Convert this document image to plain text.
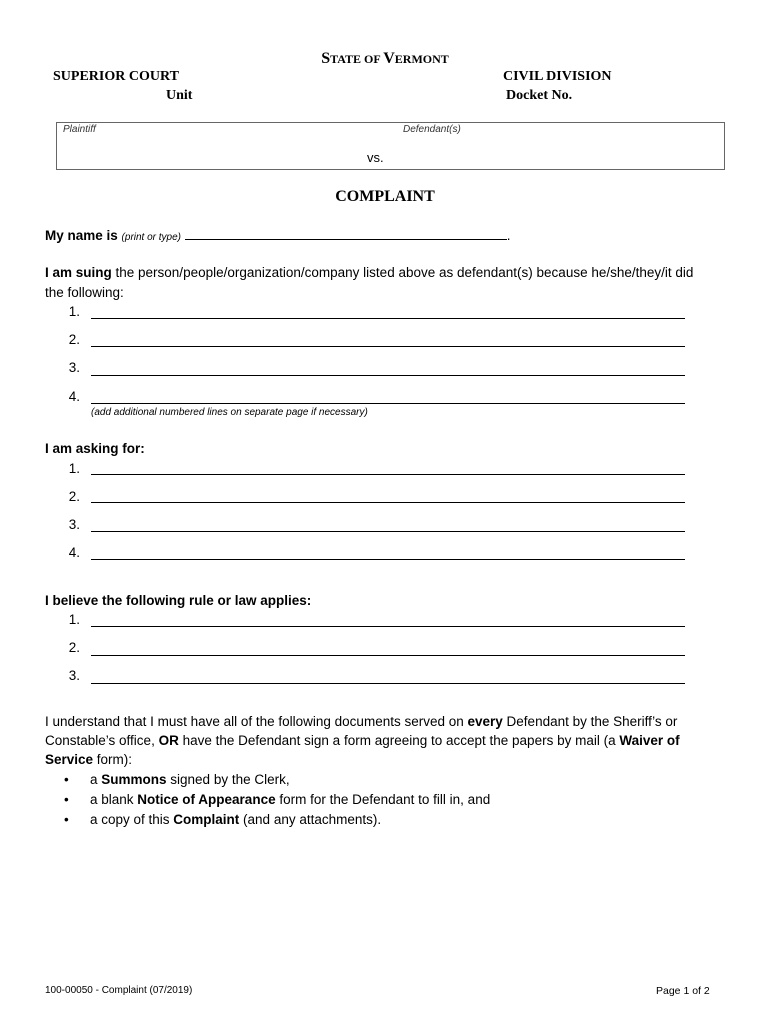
STATE OF VERMONT
SUPERIOR COURT
Unit
CIVIL DIVISION
Docket No.
Plaintiff	Defendant(s)
vs.
COMPLAINT
My name is (print or type)	.
I am suing the person/people/organization/company listed above as defendant(s) because he/she/they/it did
the following:
1.
2.
3.
4.
(add additional numbered lines on separate page if necessary)
I am asking for:
1.
2.
3.
4.
I believe the following rule or law applies:
1.
2.
3.
I understand that I must have all of the following documents served on every Defendant by the Sheriff’s or
Constable’s office, OR have the Defendant sign a form agreeing to accept the papers by mail (a Waiver of
Service form):
• a Summons signed by the Clerk,
• a blank Notice of Appearance form for the Defendant to fill in, and
• a copy of this Complaint (and any attachments).
100-00050 - Complaint (07/2019)	Page 1 of 2
